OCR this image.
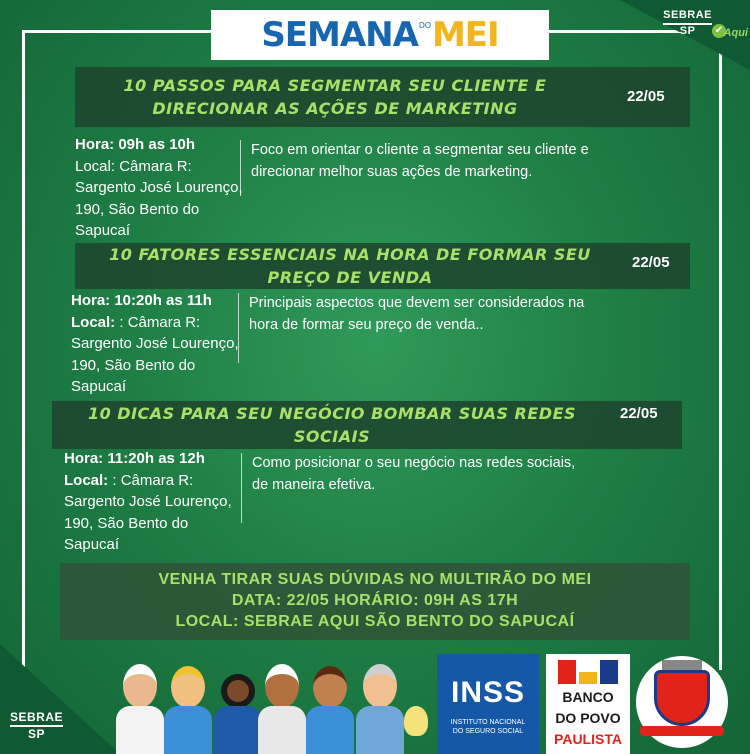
SEBRAE
SP	✔ Aqui
SEBRAE
SP
SEMANA DO MEI
10 PASSOS PARA SEGMENTAR SEU CLIENTE E
DIRECIONAR AS AÇÕES DE MARKETING
22/05
Hora: 09h as 10h
Local: Câmara R:
Sargento José Lourenço,
190, São Bento do
Sapucaí
Foco em orientar o cliente a segmentar seu cliente e
direcionar melhor suas ações de marketing.
10 FATORES ESSENCIAIS NA HORA DE FORMAR SEU
PREÇO DE VENDA
22/05
Hora: 10:20h as 11h
Local: : Câmara R:
Sargento José Lourenço,
190, São Bento do
Sapucaí
Principais aspectos que devem ser considerados na
hora de formar seu preço de venda..
10 DICAS PARA SEU NEGÓCIO BOMBAR SUAS REDES
SOCIAIS
22/05
Hora: 11:20h as 12h
Local: : Câmara R:
Sargento José Lourenço,
190, São Bento do
Sapucaí
Como posicionar o seu negócio nas redes sociais,
de maneira efetiva.
VENHA TIRAR SUAS DÚVIDAS NO MULTIRÃO DO MEI
DATA: 22/05 HORÁRIO: 09H AS 17H
LOCAL: SEBRAE AQUI SÃO BENTO DO SAPUCAÍ
INSS
INSTITUTO NACIONAL
DO SEGURO SOCIAL
BANCO
DO POVO
PAULISTA
